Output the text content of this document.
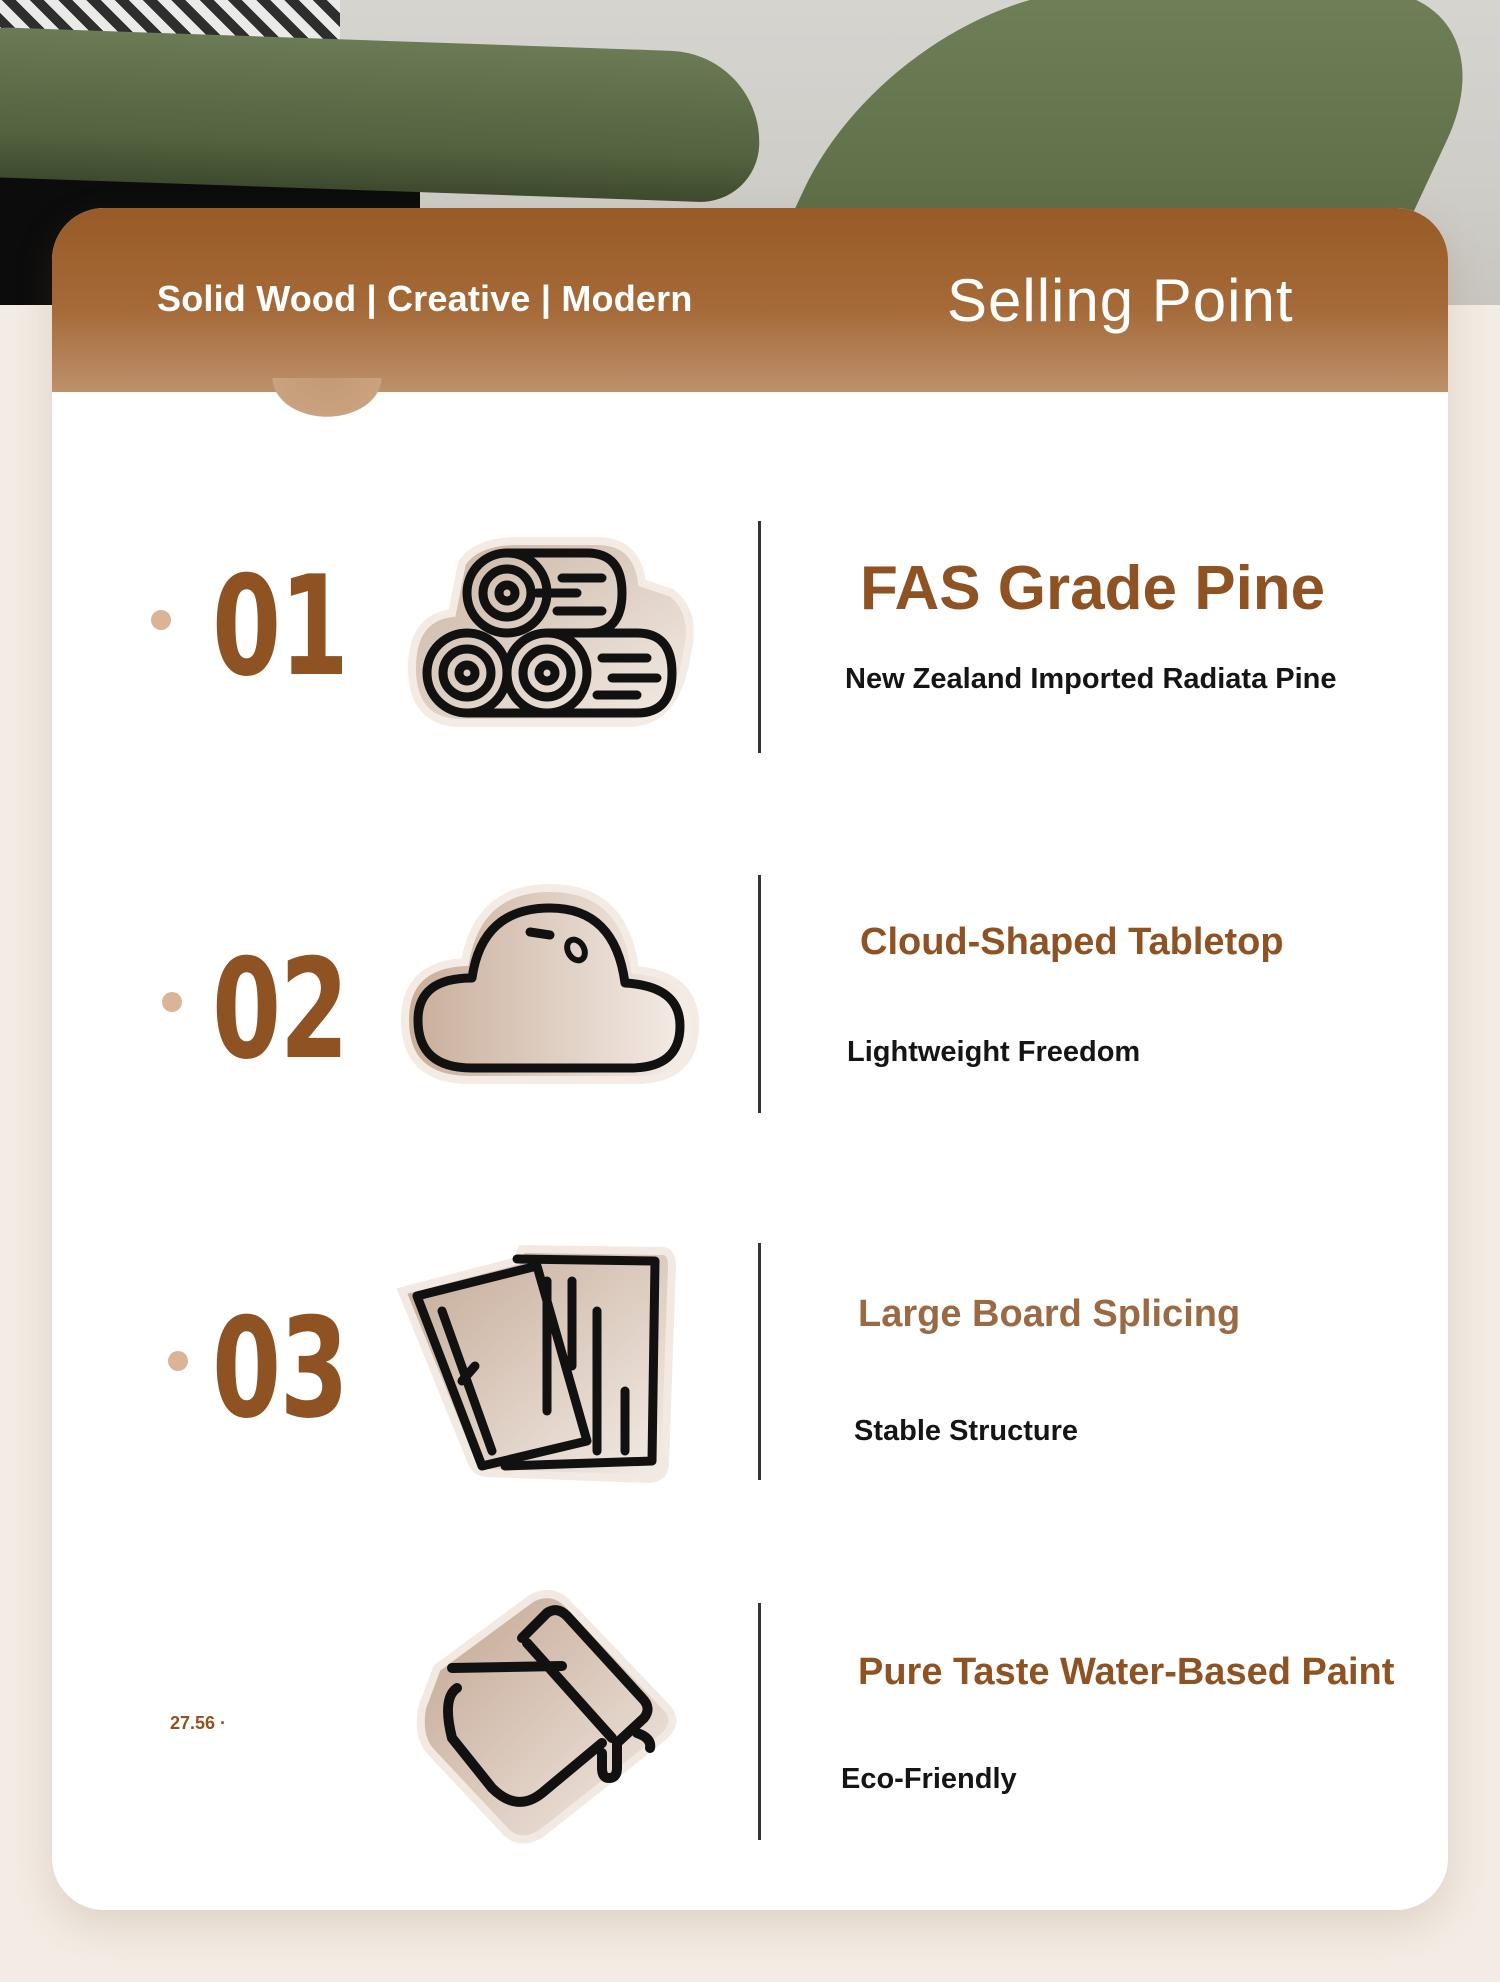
Solid Wood | Creative | Modern	Selling Point

01	FAS Grade Pine

New Zealand Imported Radiata Pine

02	Cloud-Shaped Tabletop

Lightweight Freedom

03	Large Board Splicing

Stable Structure

27.56 ·

Pure Taste Water-Based Paint

Eco-Friendly
